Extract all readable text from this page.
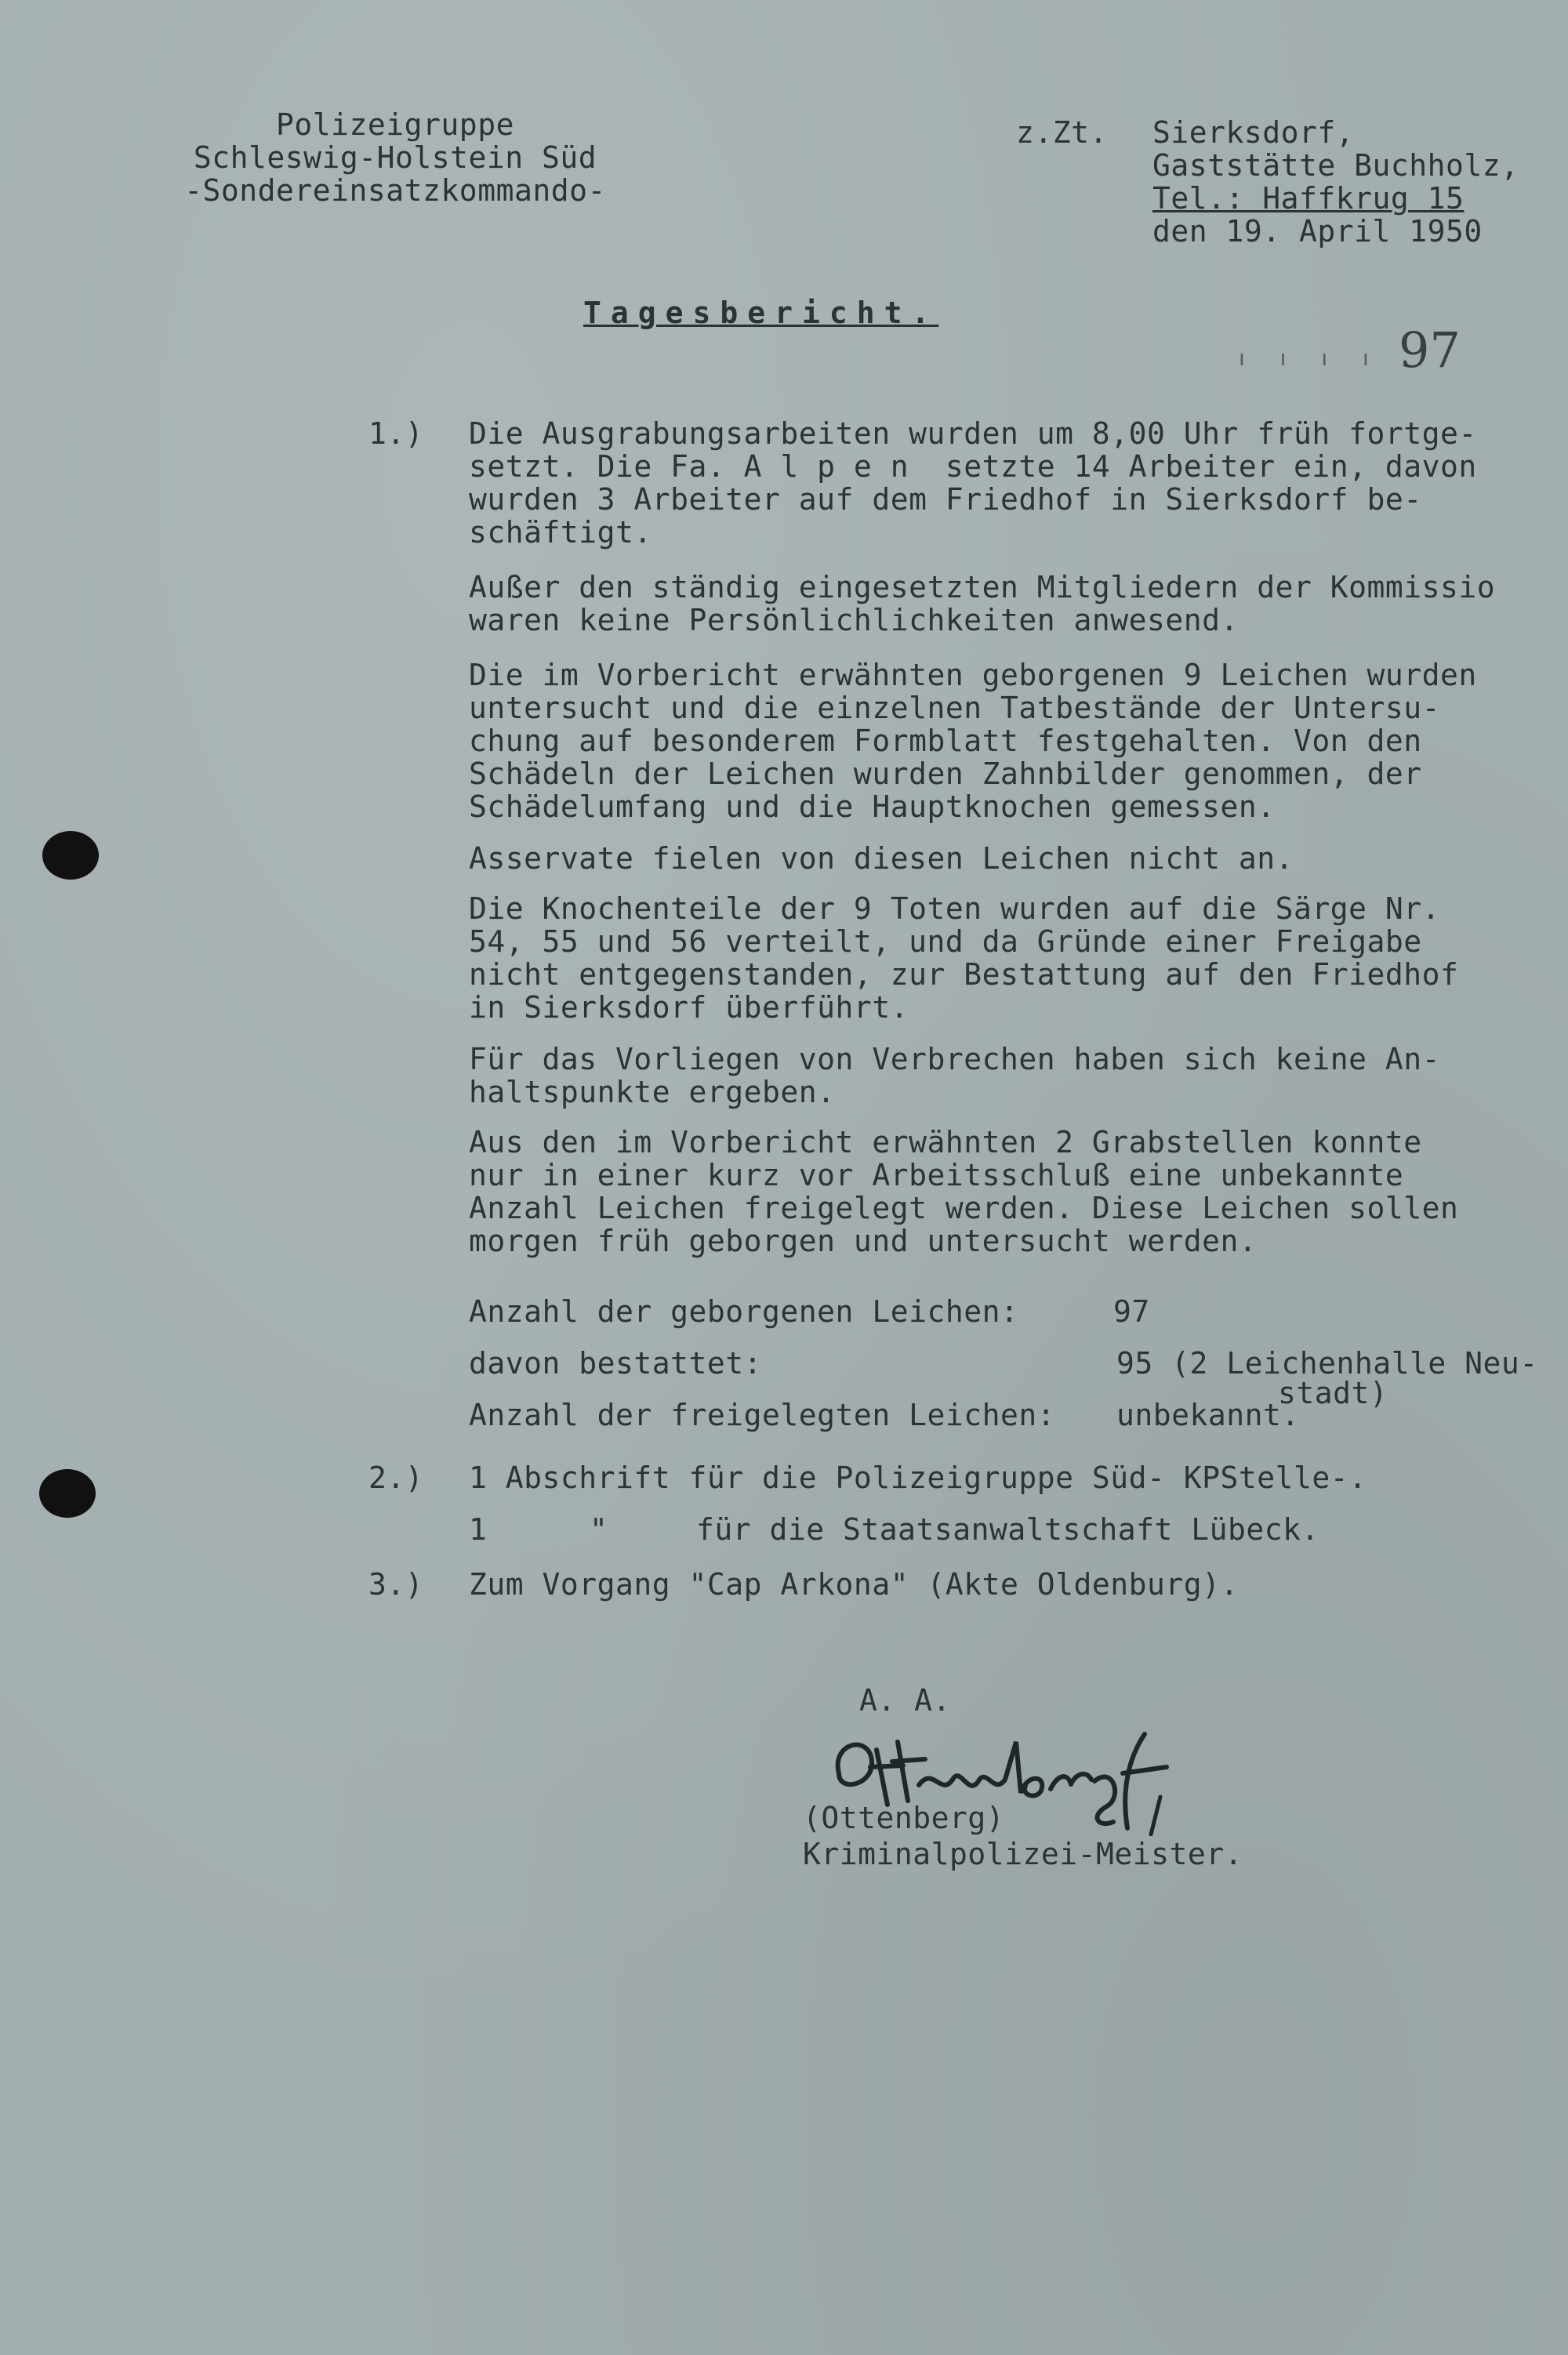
Polizeigruppe
Schleswig-Holstein Süd
-Sondereinsatzkommando-
z.Zt. Sierksdorf,
Gaststätte Buchholz,
Tel.: Haffkrug 15
den 19. April 1950
Tagesbericht.
ı ı ı ı 97
1.) Die Ausgrabungsarbeiten wurden um 8,00 Uhr früh fortge-
setzt. Die Fa. A l p e n  setzte 14 Arbeiter ein, davon
wurden 3 Arbeiter auf dem Friedhof in Sierksdorf be-
schäftigt.
Außer den ständig eingesetzten Mitgliedern der Kommissio
waren keine Persönlichlichkeiten anwesend.
Die im Vorbericht erwähnten geborgenen 9 Leichen wurden
untersucht und die einzelnen Tatbestände der Untersu-
chung auf besonderem Formblatt festgehalten. Von den
Schädeln der Leichen wurden Zahnbilder genommen, der
Schädelumfang und die Hauptknochen gemessen.
Asservate fielen von diesen Leichen nicht an.
Die Knochenteile der 9 Toten wurden auf die Särge Nr.
54, 55 und 56 verteilt, und da Gründe einer Freigabe
nicht entgegenstanden, zur Bestattung auf den Friedhof
in Sierksdorf überführt.
Für das Vorliegen von Verbrechen haben sich keine An-
haltspunkte ergeben.
Aus den im Vorbericht erwähnten 2 Grabstellen konnte
nur in einer kurz vor Arbeitsschluß eine unbekannte
Anzahl Leichen freigelegt werden. Diese Leichen sollen
morgen früh geborgen und untersucht werden.
Anzahl der geborgenen Leichen:	97
davon bestattet:	95 (2 Leichenhalle Neu-
stadt)
Anzahl der freigelegten Leichen: unbekannt.
2.) 1 Abschrift für die Polizeigruppe Süd- KPStelle-.
1	"	für die Staatsanwaltschaft Lübeck.
3.) Zum Vorgang "Cap Arkona" (Akte Oldenburg).
A. A.
(Ottenberg)
Kriminalpolizei-Meister.
